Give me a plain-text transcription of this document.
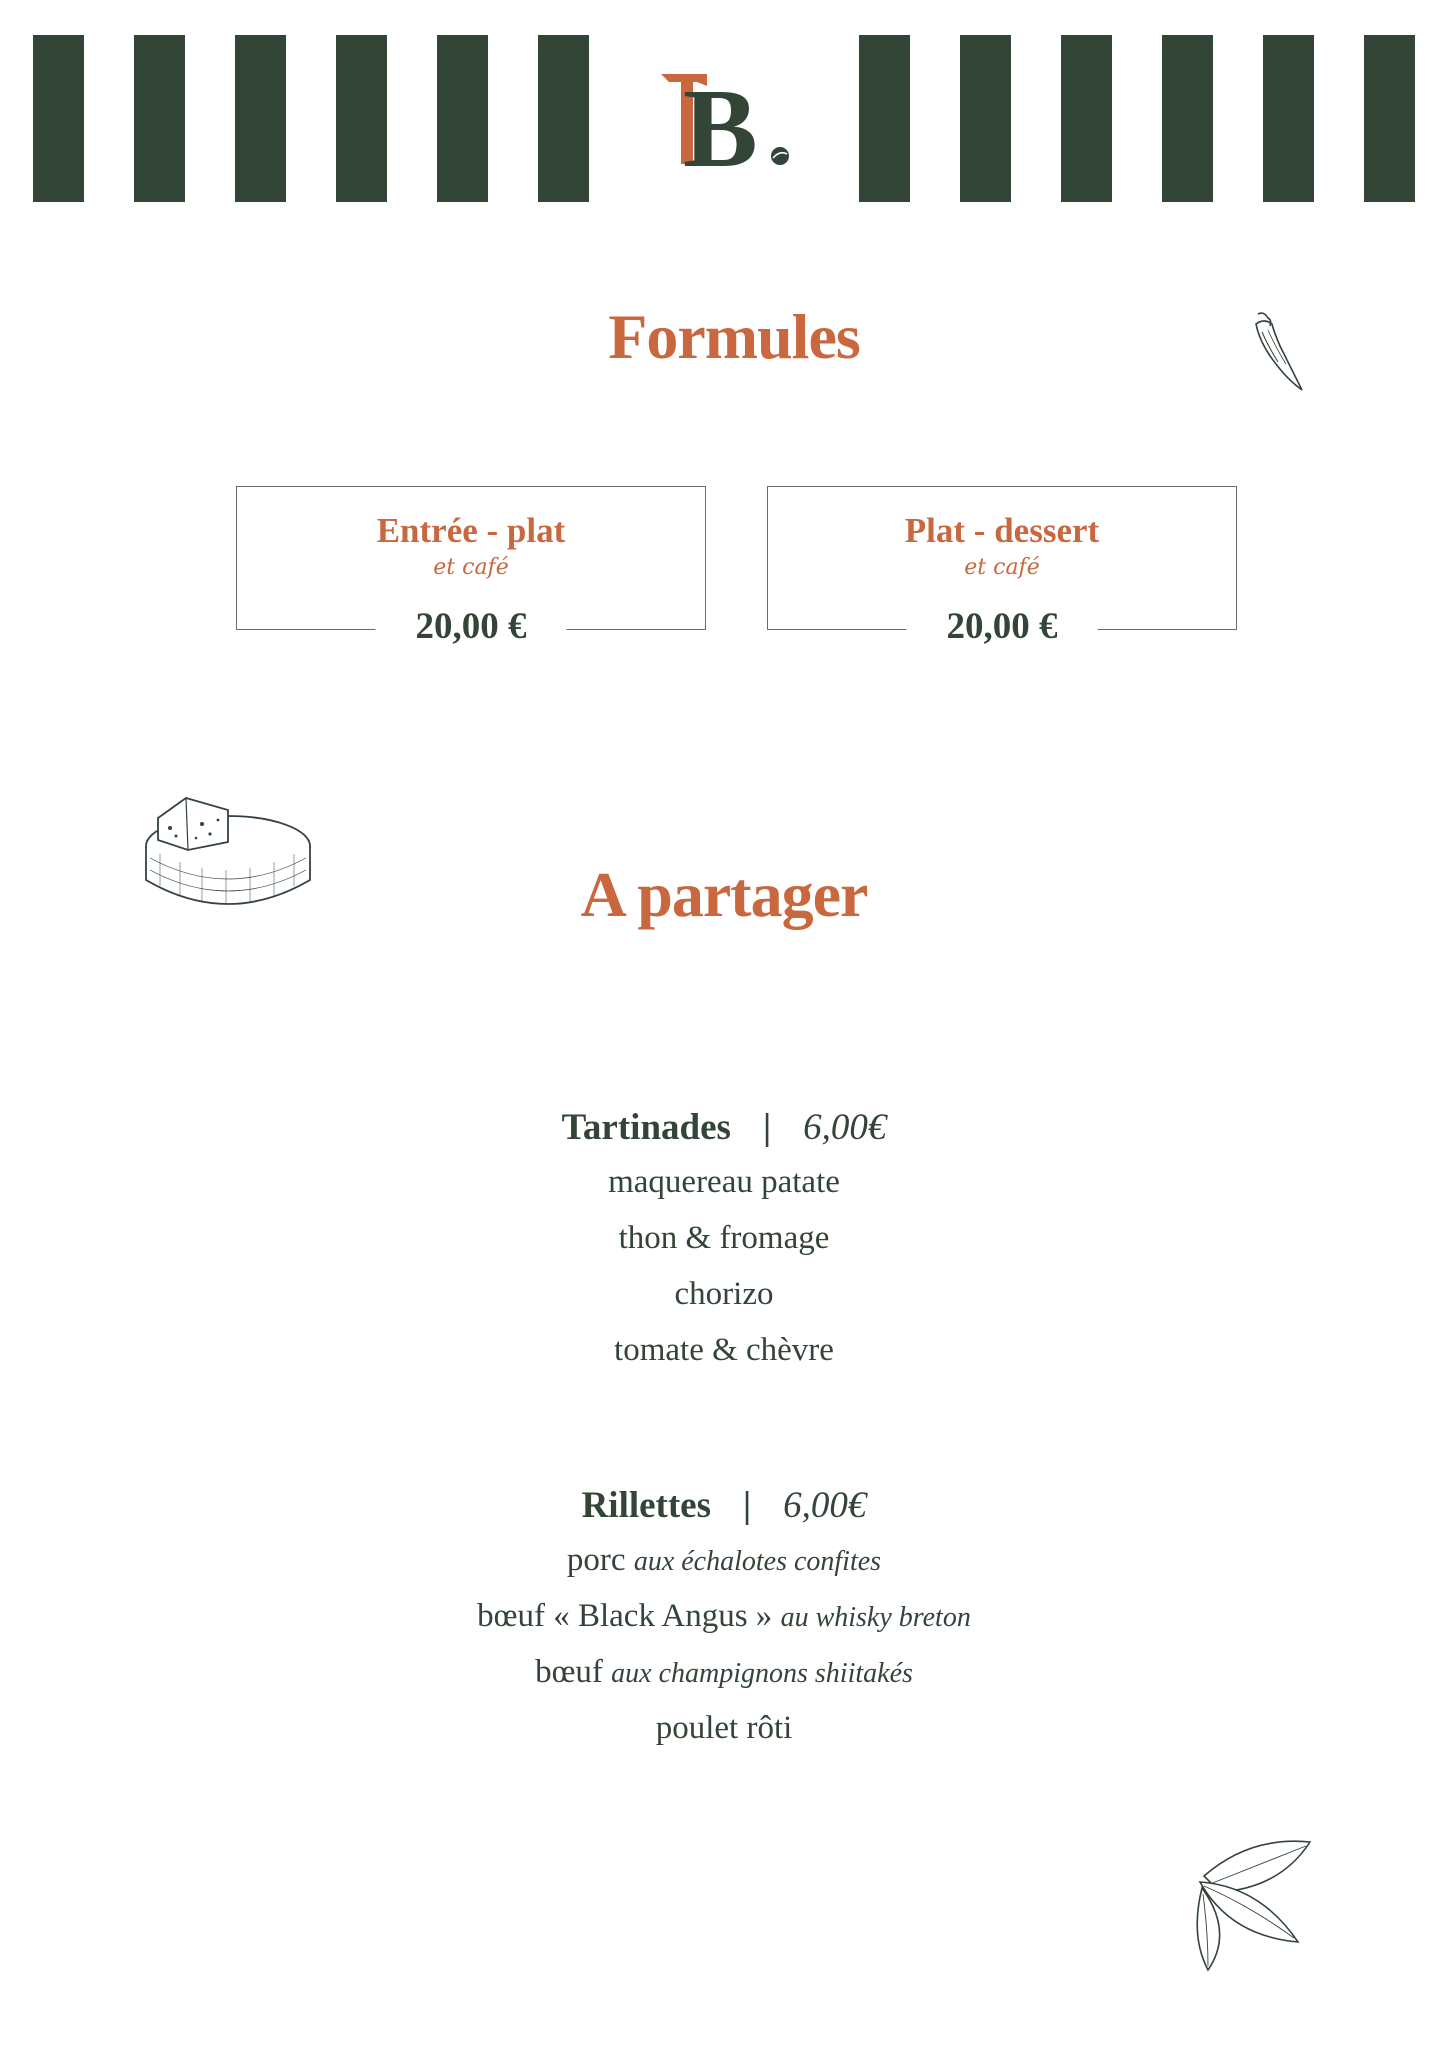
B
Formules
Entrée - plat
et café
20,00 €
Plat - dessert
et café
20,00 €
A partager
Tartinades | 6,00€
maquereau patate
thon & fromage
chorizo
tomate & chèvre
Rillettes | 6,00€
porc aux échalotes confites
bœuf « Black Angus » au whisky breton
bœuf aux champignons shiitakés
poulet rôti
